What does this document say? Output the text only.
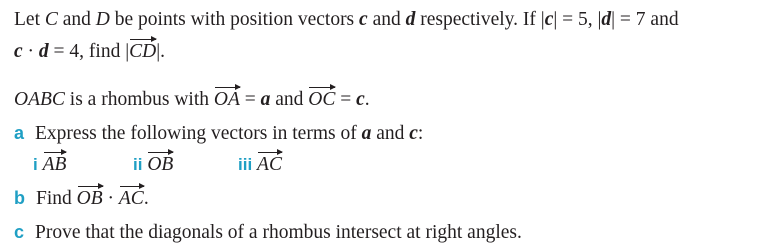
Let C and D be points with position vectors c and d respectively. If |c| = 5, |d| = 7 and
c · d = 4, find |CD|.
OABC is a rhombus with OA = a and OC = c.
a Express the following vectors in terms of a and c:
i AB	ii OB	iii AC
b Find OB · AC.
c Prove that the diagonals of a rhombus intersect at right angles.
